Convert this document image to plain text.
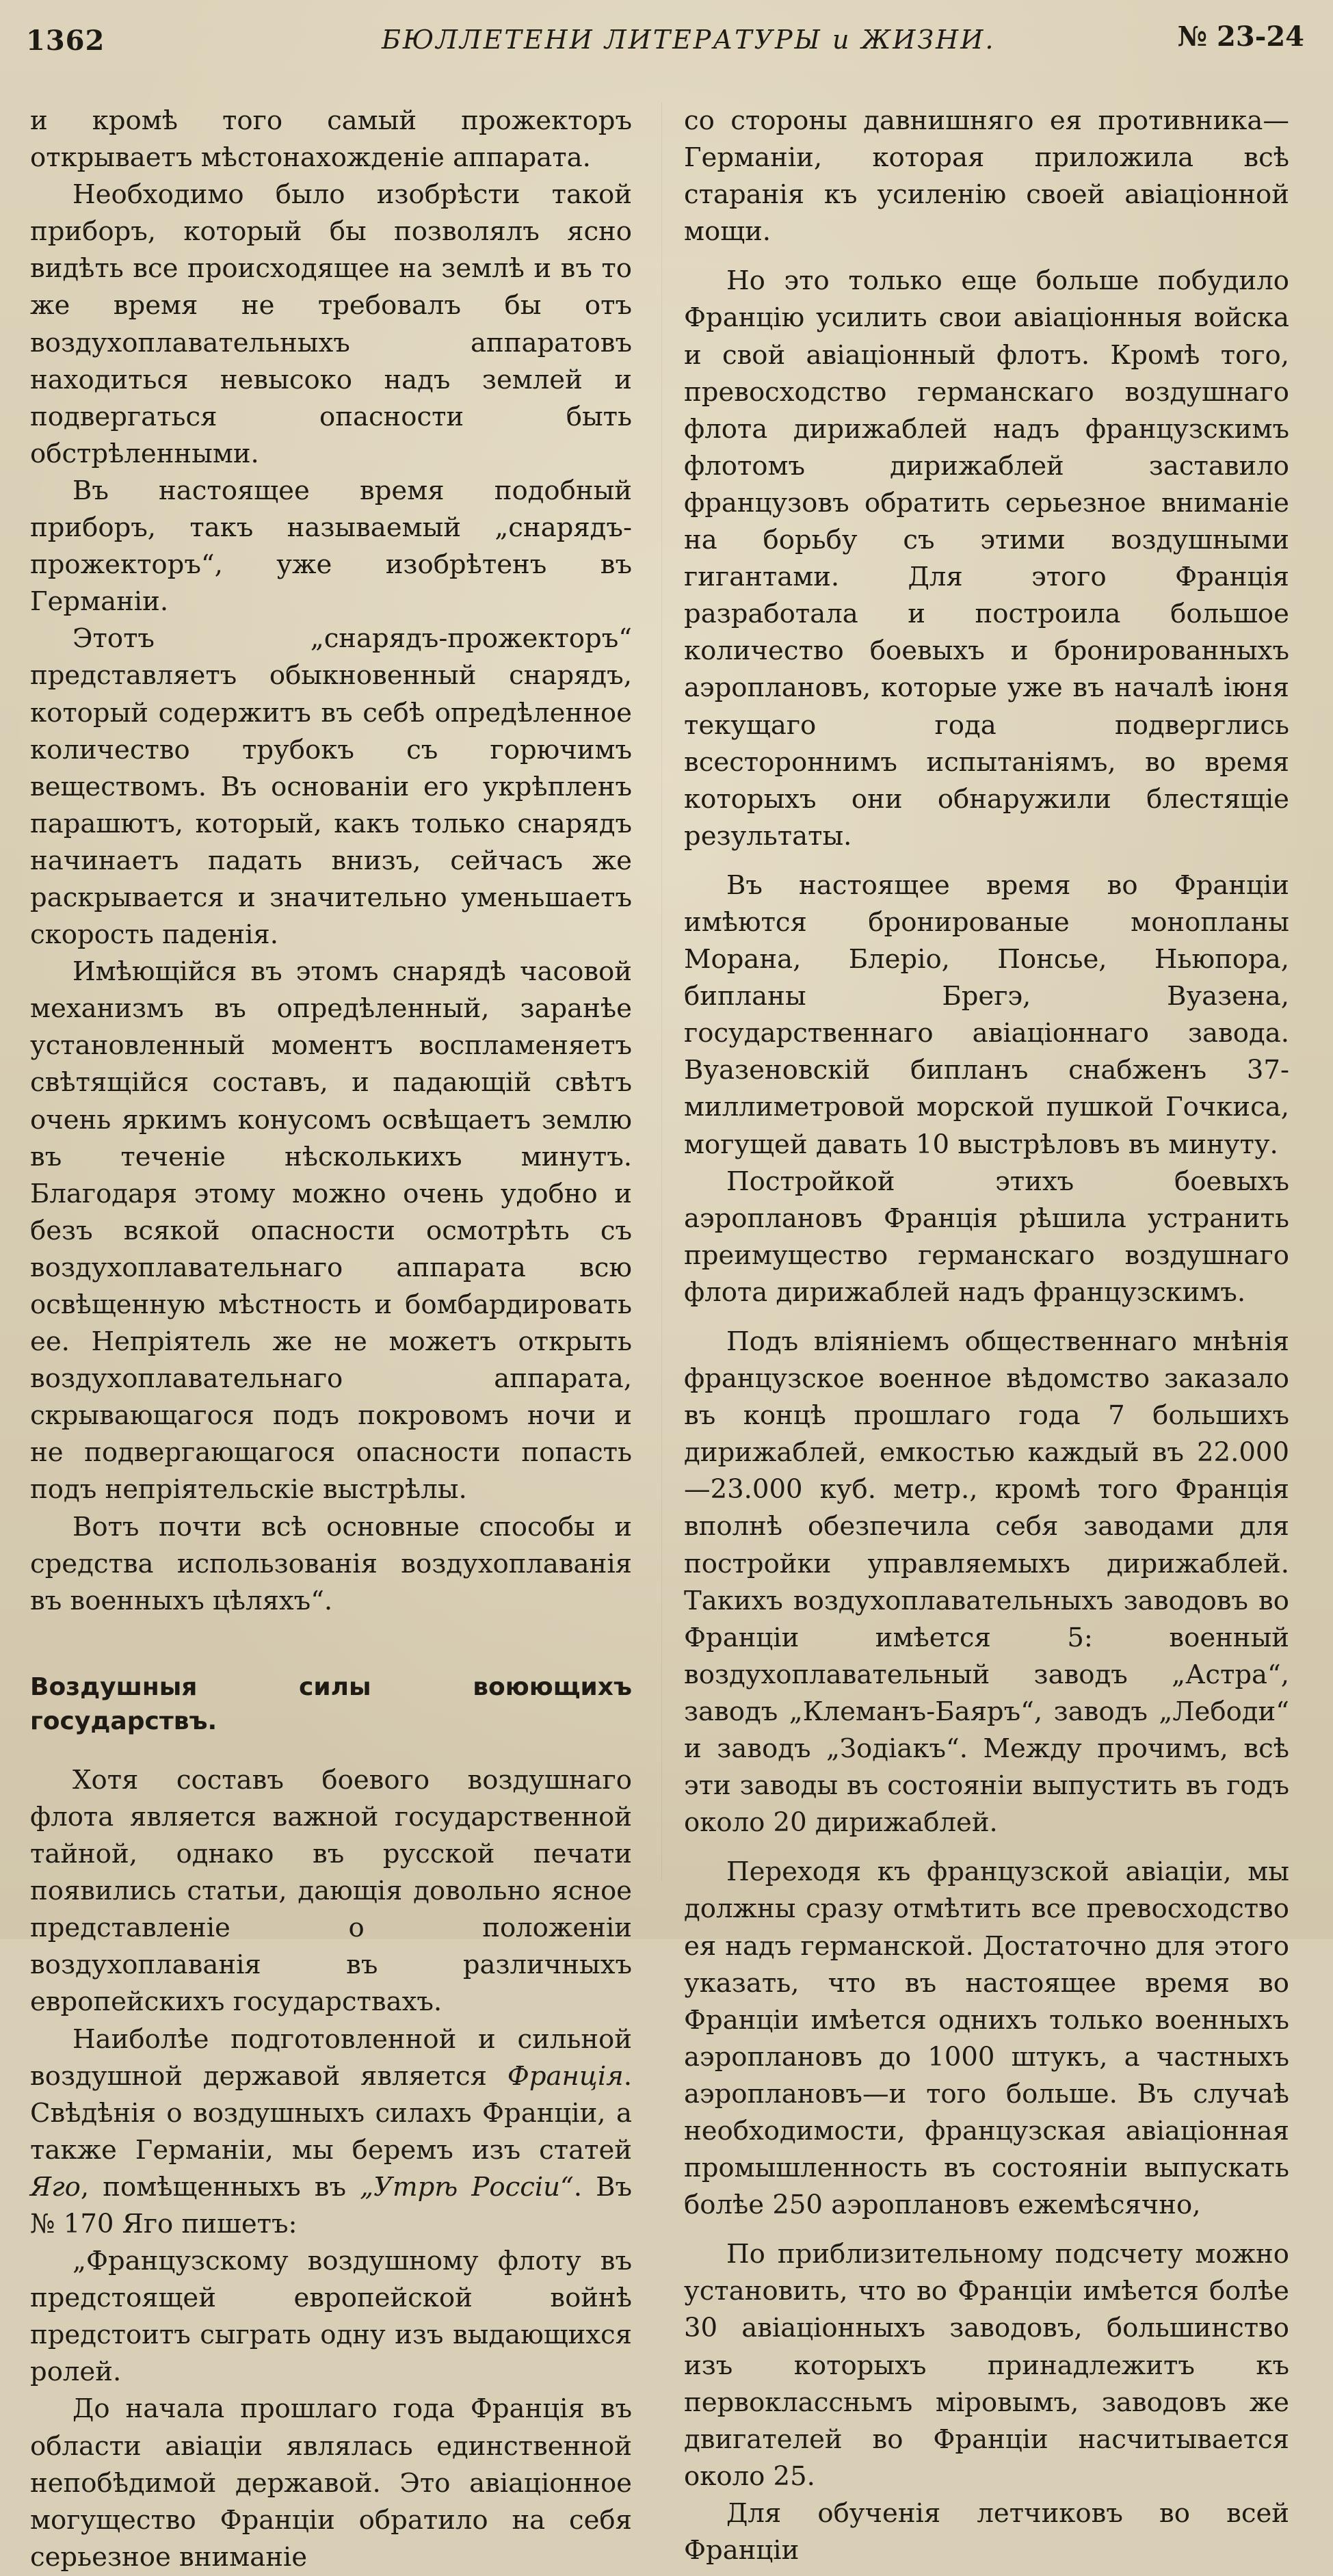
1362	БЮЛЛЕТЕНИ ЛИТЕРАТУРЫ и ЖИЗНИ.	№ 23-24

и кромѣ того самый прожекторъ открываетъ мѣстонахожденіе аппарата.

Необходимо было изобрѣсти такой приборъ, который бы позволялъ ясно видѣть все происходящее на землѣ и въ то же время не требовалъ бы отъ воздухоплавательныхъ аппаратовъ находиться невысоко надъ землей и подвергаться опасности быть обстрѣленными.

Въ настоящее время подобный приборъ, такъ называемый „снарядъ-прожекторъ“, уже изобрѣтенъ въ Германіи.

Этотъ „снарядъ-прожекторъ“ представляетъ обыкновенный снарядъ, который содержитъ въ себѣ опредѣленное количество трубокъ съ горючимъ веществомъ. Въ основаніи его укрѣпленъ парашютъ, который, какъ только снарядъ начинаетъ падать внизъ, сейчасъ же раскрывается и значительно уменьшаетъ скорость паденія.

Имѣющійся въ этомъ снарядѣ часовой механизмъ въ опредѣленный, заранѣе установленный моментъ воспламеняетъ свѣтящійся составъ, и падающій свѣтъ очень яркимъ конусомъ освѣщаетъ землю въ теченіе нѣсколькихъ минутъ. Благодаря этому можно очень удобно и безъ всякой опасности осмотрѣть съ воздухоплавательнаго аппарата всю освѣщенную мѣстность и бомбардировать ее. Непріятель же не можетъ открыть воздухоплавательнаго аппарата, скрывающагося подъ покровомъ ночи и не подвергающагося опасности попасть подъ непріятельскіе выстрѣлы.

Вотъ почти всѣ основные способы и средства использованія воздухоплаванія въ военныхъ цѣляхъ“.

Воздушныя силы воюющихъ государствъ.

Хотя составъ боевого воздушнаго флота является важной государственной тайной, однако въ русской печати появились статьи, дающія довольно ясное представленіе о положеніи воздухоплаванія въ различныхъ европейскихъ государствахъ.

Наиболѣе подготовленной и сильной воздушной державой является Франція. Свѣдѣнія о воздушныхъ силахъ Франціи, а также Германіи, мы беремъ изъ статей Яго, помѣщенныхъ въ „Утрѣ Россіи“. Въ № 170 Яго пишетъ:

„Французскому воздушному флоту въ предстоящей европейской войнѣ предстоитъ сыграть одну изъ выдающихся ролей.

До начала прошлаго года Франція въ области авіаціи являлась единственной непобѣдимой державой. Это авіаціонное могущество Франціи обратило на себя серьезное вниманіе

со стороны давнишняго ея противника—Германіи, которая приложила всѣ старанія къ усиленію своей авіаціонной мощи.

Но это только еще больше побудило Францію усилить свои авіаціонныя войска и свой авіаціонный флотъ. Кромѣ того, превосходство германскаго воздушнаго флота дирижаблей надъ французскимъ флотомъ дирижаблей заставило французовъ обратить серьезное вниманіе на борьбу съ этими воздушными гигантами. Для этого Франція разработала и построила большое количество боевыхъ и бронированныхъ аэроплановъ, которые уже въ началѣ іюня текущаго года подверглись всестороннимъ испытаніямъ, во время которыхъ они обнаружили блестящіе результаты.

Въ настоящее время во Франціи имѣются бронированые монопланы Морана, Блеріо, Понсье, Ньюпора, бипланы Брегэ, Вуазена, государственнаго авіаціоннаго завода. Вуазеновскій бипланъ снабженъ 37-миллиметровой морской пушкой Гочкиса, могущей давать 10 выстрѣловъ въ минуту.

Постройкой этихъ боевыхъ аэроплановъ Франція рѣшила устранить преимущество германскаго воздушнаго флота дирижаблей надъ французскимъ.

Подъ вліяніемъ общественнаго мнѣнія французское военное вѣдомство заказало въ концѣ прошлаго года 7 большихъ дирижаблей, емкостью каждый въ 22.000—23.000 куб. метр., кромѣ того Франція вполнѣ обезпечила себя заводами для постройки управляемыхъ дирижаблей. Такихъ воздухоплавательныхъ заводовъ во Франціи имѣется 5: военный воздухоплавательный заводъ „Астра“, заводъ „Клеманъ-Баяръ“, заводъ „Лебоди“ и заводъ „Зодіакъ“. Между прочимъ, всѣ эти заводы въ состояніи выпустить въ годъ около 20 дирижаблей.

Переходя къ французской авіаціи, мы должны сразу отмѣтить все превосходство ея надъ германской. Достаточно для этого указать, что въ настоящее время во Франціи имѣется однихъ только военныхъ аэроплановъ до 1000 штукъ, а частныхъ аэроплановъ—и того больше. Въ случаѣ необходимости, французская авіаціонная промышленность въ состояніи выпускать болѣе 250 аэроплановъ ежемѣсячно,

По приблизительному подсчету можно установить, что во Франціи имѣется болѣе 30 авіаціонныхъ заводовъ, большинство изъ которыхъ принадлежитъ къ первоклассньмъ міровымъ, заводовъ же двигателей во Франціи насчитывается около 25.

Для обученія летчиковъ во всей Франціи
